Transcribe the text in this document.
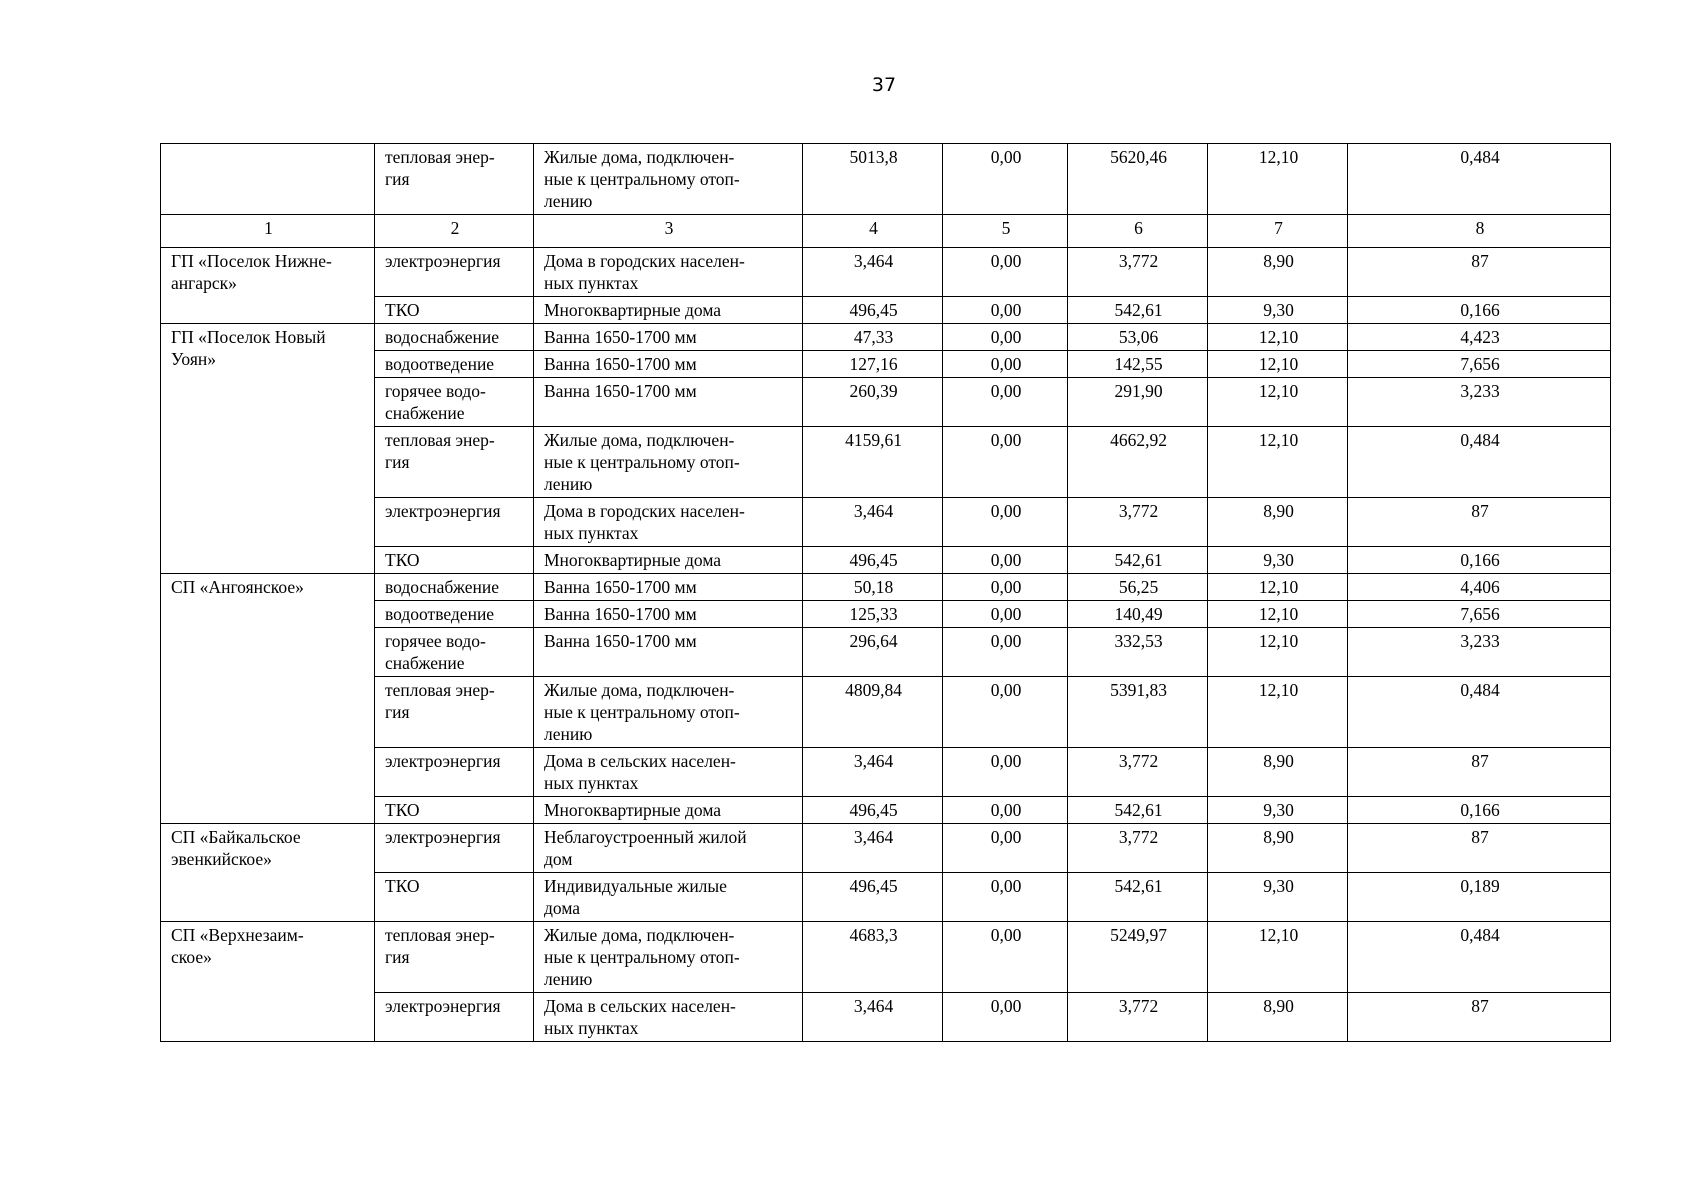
37
	тепловая энер-
гия	Жилые дома, подключен-
ные к центральному отоп-
лению	5013,8	0,00	5620,46	12,10	0,484
1	2	3	4	5	6	7	8
ГП «Поселок Нижне-
ангарск»	электроэнергия	Дома в городских населен-
ных пунктах	3,464	0,00	3,772	8,90	87
	ТКО	Многоквартирные дома	496,45	0,00	542,61	9,30	0,166
ГП «Поселок Новый
Уоян»	водоснабжение	Ванна 1650-1700 мм	47,33	0,00	53,06	12,10	4,423
	водоотведение	Ванна 1650-1700 мм	127,16	0,00	142,55	12,10	7,656
	горячее водо-
снабжение	Ванна 1650-1700 мм	260,39	0,00	291,90	12,10	3,233
	тепловая энер-
гия	Жилые дома, подключен-
ные к центральному отоп-
лению	4159,61	0,00	4662,92	12,10	0,484
	электроэнергия	Дома в городских населен-
ных пунктах	3,464	0,00	3,772	8,90	87
	ТКО	Многоквартирные дома	496,45	0,00	542,61	9,30	0,166
СП «Ангоянское»	водоснабжение	Ванна 1650-1700 мм	50,18	0,00	56,25	12,10	4,406
	водоотведение	Ванна 1650-1700 мм	125,33	0,00	140,49	12,10	7,656
	горячее водо-
снабжение	Ванна 1650-1700 мм	296,64	0,00	332,53	12,10	3,233
	тепловая энер-
гия	Жилые дома, подключен-
ные к центральному отоп-
лению	4809,84	0,00	5391,83	12,10	0,484
	электроэнергия	Дома в сельских населен-
ных пунктах	3,464	0,00	3,772	8,90	87
	ТКО	Многоквартирные дома	496,45	0,00	542,61	9,30	0,166
СП «Байкальское
эвенкийское»	электроэнергия	Неблагоустроенный жилой
дом	3,464	0,00	3,772	8,90	87
	ТКО	Индивидуальные жилые
дома	496,45	0,00	542,61	9,30	0,189
СП «Верхнезаим-
ское»	тепловая энер-
гия	Жилые дома, подключен-
ные к центральному отоп-
лению	4683,3	0,00	5249,97	12,10	0,484
	электроэнергия	Дома в сельских населен-
ных пунктах	3,464	0,00	3,772	8,90	87
